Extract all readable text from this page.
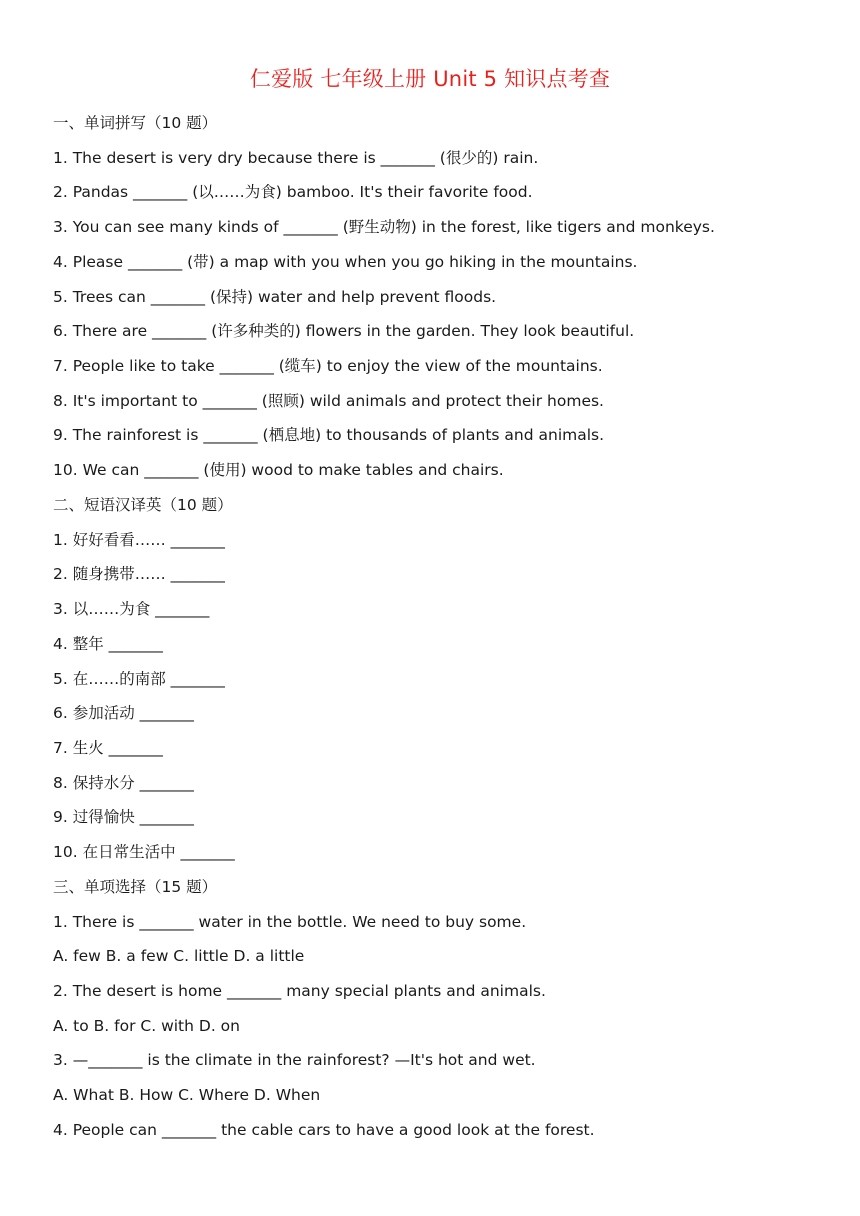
仁爱版 七年级上册 Unit 5 知识点考查
一、单词拼写（10 题）
1. The desert is very dry because there is _______ (很少的) rain.
2. Pandas _______ (以……为食) bamboo. It's their favorite food.
3. You can see many kinds of _______ (野生动物) in the forest, like tigers and monkeys.
4. Please _______ (带) a map with you when you go hiking in the mountains.
5. Trees can _______ (保持) water and help prevent floods.
6. There are _______ (许多种类的) flowers in the garden. They look beautiful.
7. People like to take _______ (缆车) to enjoy the view of the mountains.
8. It's important to _______ (照顾) wild animals and protect their homes.
9. The rainforest is _______ (栖息地) to thousands of plants and animals.
10. We can _______ (使用) wood to make tables and chairs.
二、短语汉译英（10 题）
1. 好好看看…… _______
2. 随身携带…… _______
3. 以……为食 _______
4. 整年 _______
5. 在……的南部 _______
6. 参加活动 _______
7. 生火 _______
8. 保持水分 _______
9. 过得愉快 _______
10. 在日常生活中 _______
三、单项选择（15 题）
1. There is _______ water in the bottle. We need to buy some.
A. few B. a few C. little D. a little
2. The desert is home _______ many special plants and animals.
A. to B. for C. with D. on
3. —_______ is the climate in the rainforest? —It's hot and wet.
A. What B. How C. Where D. When
4. People can _______ the cable cars to have a good look at the forest.
